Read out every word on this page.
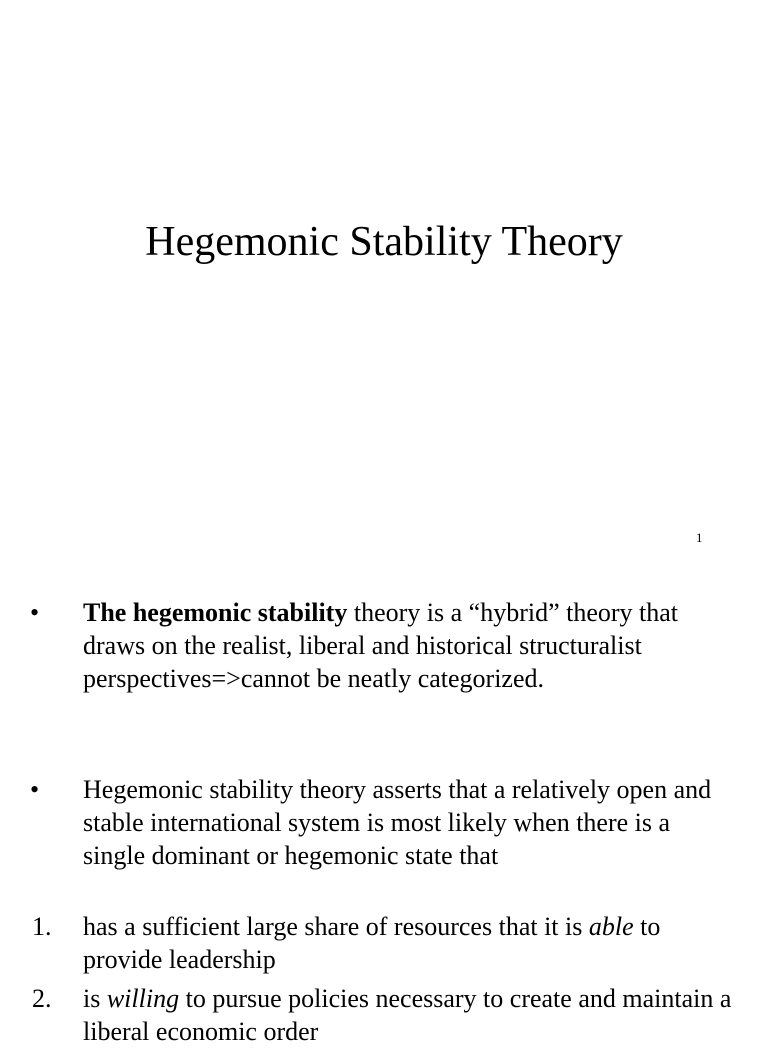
Hegemonic Stability Theory
1
• The hegemonic stability theory is a “hybrid” theory that draws on the realist, liberal and historical structuralist perspectives=>cannot be neatly categorized.
• Hegemonic stability theory asserts that a relatively open and stable international system is most likely when there is a single dominant or hegemonic state that
1. has a sufficient large share of resources that it is able to provide leadership
2. is willing to pursue policies necessary to create and maintain a liberal economic order
